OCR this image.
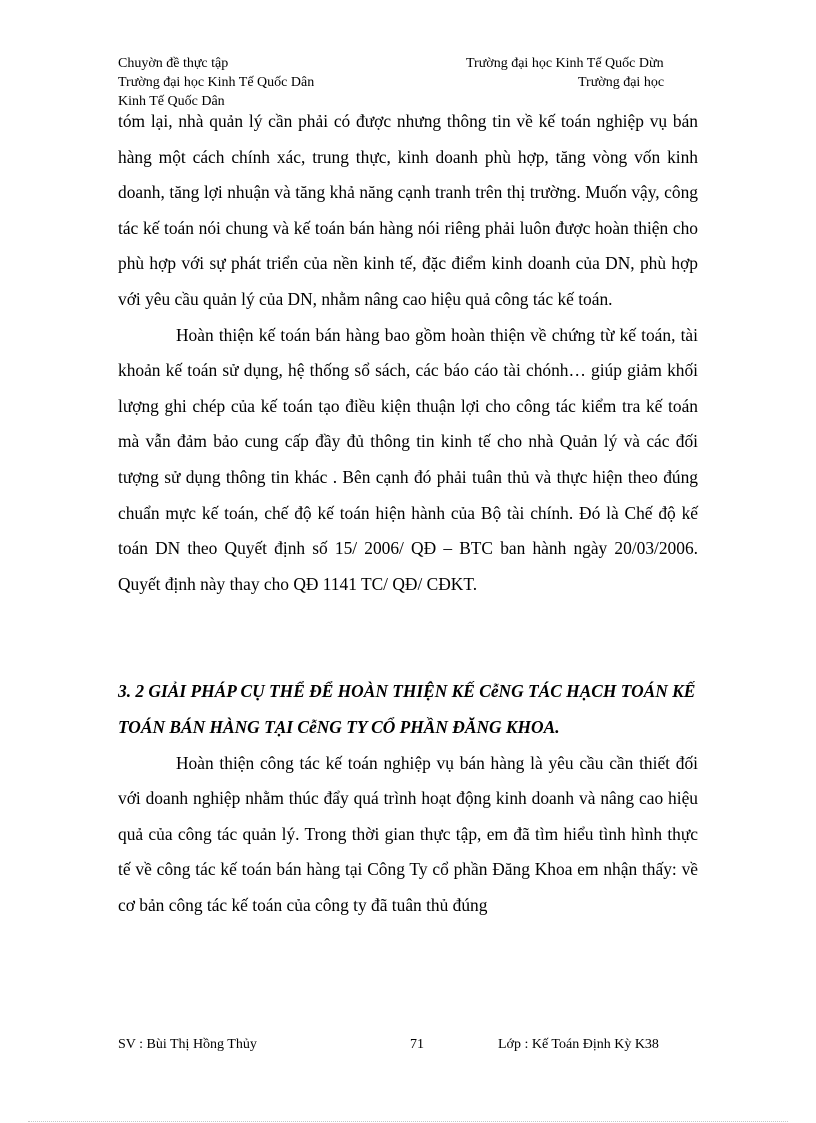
Chuyờn đề thực tập	Trường đại học Kinh Tế Quốc Dừn
Trường đại học Kinh Tế Quốc Dân	Trường đại học
Kinh Tế Quốc Dân

tóm lại, nhà quản lý cần phải có được nhưng thông tin về kế toán nghiệp vụ bán hàng một cách chính xác, trung thực, kinh doanh phù hợp, tăng vòng vốn kinh doanh, tăng lợi nhuận và tăng khả năng cạnh tranh trên thị trường. Muốn vậy, công tác kế toán nói chung và kế toán bán hàng nói riêng phải luôn được hoàn thiện cho phù hợp với sự phát triển của nền kinh tế, đặc điểm kinh doanh của DN, phù hợp với yêu cầu quản lý của DN, nhằm nâng cao hiệu quả công tác kế toán.

Hoàn thiện kế toán bán hàng bao gồm hoàn thiện về chứng từ kế toán, tài khoản kế toán sử dụng, hệ thống sổ sách, các báo cáo tài chónh… giúp giảm khối lượng ghi chép của kế toán tạo điều kiện thuận lợi cho công tác kiểm tra kế toán mà vẫn đảm bảo cung cấp đầy đủ thông tin kinh tế cho nhà Quản lý và các đối tượng sử dụng thông tin khác . Bên cạnh đó phải tuân thủ và thực hiện theo đúng chuẩn mực kế toán, chế độ kế toán hiện hành của Bộ tài chính. Đó là Chế độ kế toán DN theo Quyết định số 15/ 2006/ QĐ – BTC ban hành ngày 20/03/2006. Quyết định này thay cho QĐ 1141 TC/ QĐ/ CĐKT.

3. 2 GIẢI PHÁP CỤ THỂ ĐỂ HOÀN THIỆN KẾ CễNG TÁC HẠCH TOÁN KẾ TOÁN BÁN HÀNG TẠI CễNG TY CỔ PHẦN ĐĂNG KHOA.

Hoàn thiện công tác kế toán nghiệp vụ bán hàng là yêu cầu cần thiết đối với doanh nghiệp nhằm thúc đẩy quá trình hoạt động kinh doanh và nâng cao hiệu quả của công tác quản lý. Trong thời gian thực tập, em đã tìm hiểu tình hình thực tế về công tác kế toán bán hàng tại Công Ty cổ phần Đăng Khoa em nhận thấy: về cơ bản công tác kế toán của công ty đã tuân thủ đúng

SV : Bùi Thị Hồng Thủy	71	Lớp : Kế Toán Định Kỳ K38
